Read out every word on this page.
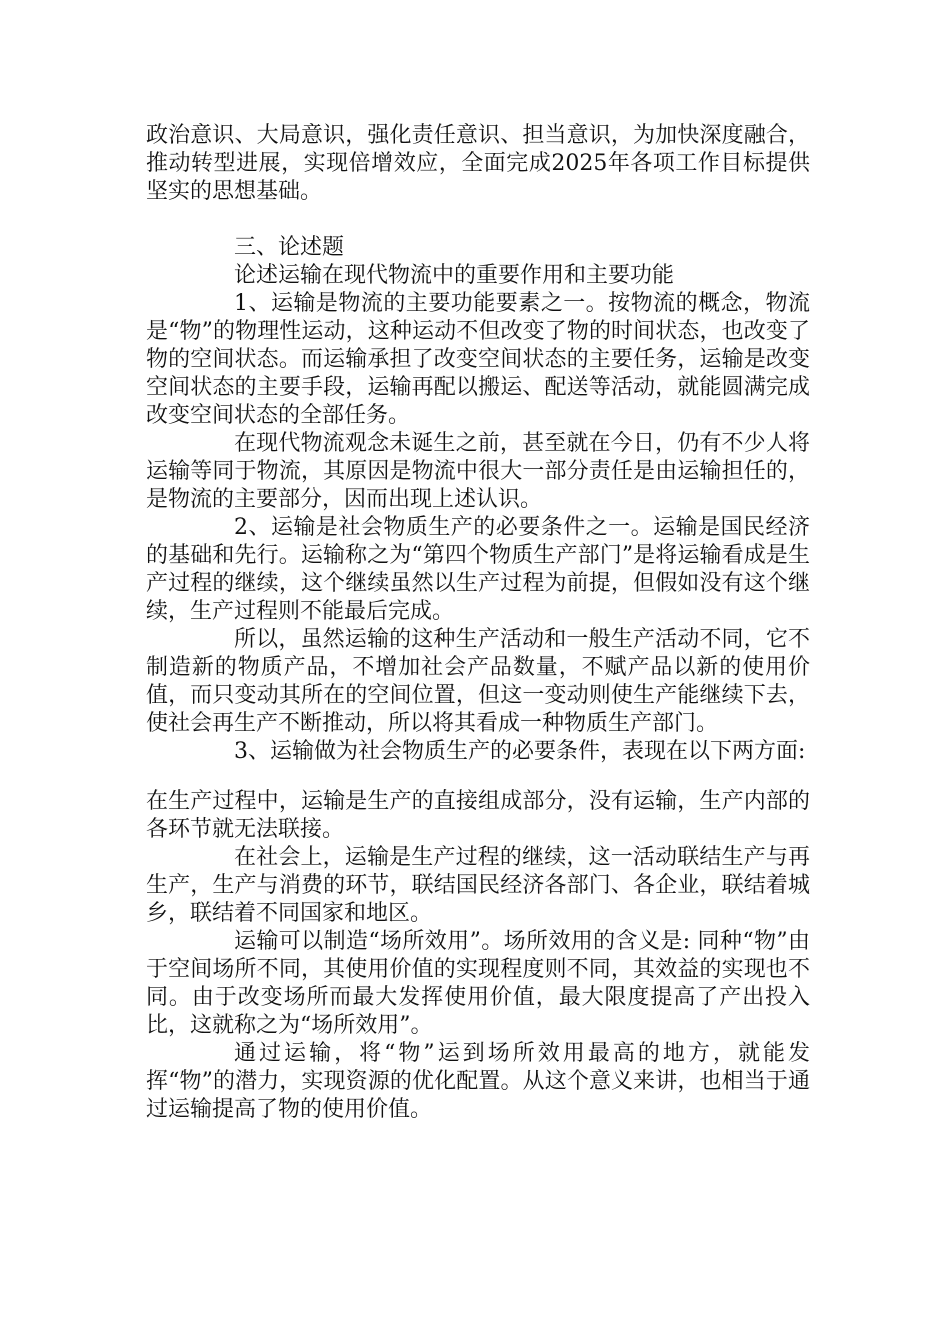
政治意识、大局意识，强化责任意识、担当意识，为加快深度融合，推动转型进展，实现倍增效应，全面完成2025年各项工作目标提供坚实的思想基础。

三、论述题

论述运输在现代物流中的重要作用和主要功能

1、运输是物流的主要功能要素之一。按物流的概念，物流是“物”的物理性运动，这种运动不但改变了物的时间状态，也改变了物的空间状态。而运输承担了改变空间状态的主要任务，运输是改变空间状态的主要手段，运输再配以搬运、配送等活动，就能圆满完成改变空间状态的全部任务。

在现代物流观念未诞生之前，甚至就在今日，仍有不少人将运输等同于物流，其原因是物流中很大一部分责任是由运输担任的，是物流的主要部分，因而出现上述认识。

2、运输是社会物质生产的必要条件之一。运输是国民经济的基础和先行。运输称之为“第四个物质生产部门”是将运输看成是生产过程的继续，这个继续虽然以生产过程为前提，但假如没有这个继续，生产过程则不能最后完成。

所以，虽然运输的这种生产活动和一般生产活动不同，它不制造新的物质产品，不增加社会产品数量，不赋产品以新的使用价值，而只变动其所在的空间位置，但这一变动则使生产能继续下去，使社会再生产不断推动，所以将其看成一种物质生产部门。

3、运输做为社会物质生产的必要条件，表现在以下两方面:

在生产过程中，运输是生产的直接组成部分，没有运输，生产内部的各环节就无法联接。

在社会上，运输是生产过程的继续，这一活动联结生产与再生产，生产与消费的环节，联结国民经济各部门、各企业，联结着城乡，联结着不同国家和地区。

运输可以制造“场所效用”。场所效用的含义是: 同种“物”由于空间场所不同，其使用价值的实现程度则不同，其效益的实现也不同。由于改变场所而最大发挥使用价值，最大限度提高了产出投入比，这就称之为“场所效用”。

通过运输，将“物”运到场所效用最高的地方，就能发挥“物”的潜力，实现资源的优化配置。从这个意义来讲，也相当于通过运输提高了物的使用价值。
